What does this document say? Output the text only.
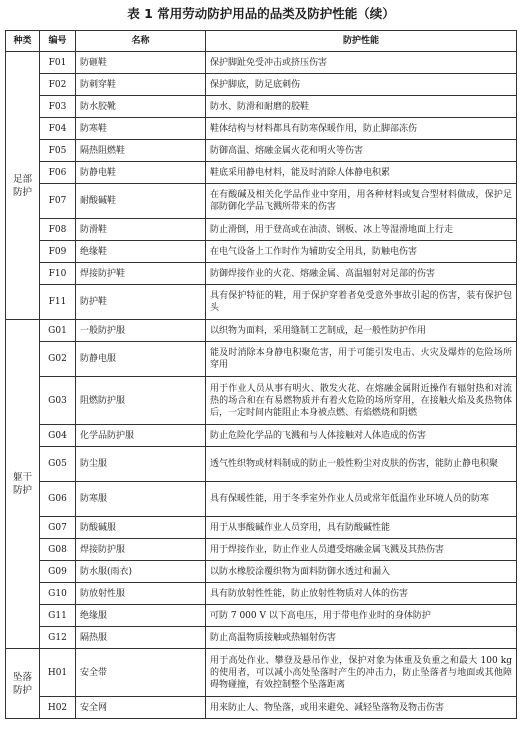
表 1 常用劳动防护用品的品类及防护性能（续）
种类	编号	名称	防护性能
足部
防护	F01	防砸鞋	保护脚趾免受冲击或挤压伤害
	F02	防刺穿鞋	保护脚底，防足底刺伤
	F03	防水胶靴	防水、防滑和耐磨的胶鞋
	F04	防寒鞋	鞋体结构与材料都具有防寒保暖作用，防止脚部冻伤
	F05	隔热阻燃鞋	防御高温、熔融金属火花和明火等伤害
	F06	防静电鞋	鞋底采用静电材料，能及时消除人体静电积累
	F07	耐酸碱鞋	在有酸碱及相关化学品作业中穿用，用各种材料或复合型材料做成，保护足部防御化学品飞溅所带来的伤害
	F08	防滑鞋	防止滑倒，用于登高或在油渍、钢板、冰上等湿滑地面上行走
	F09	绝缘鞋	在电气设备上工作时作为辅助安全用具，防触电伤害
	F10	焊接防护鞋	防御焊接作业的火花、熔融金属、高温辐射对足部的伤害
	F11	防护鞋	具有保护特征的鞋，用于保护穿着者免受意外事故引起的伤害，装有保护包头
躯干
防护	G01	一般防护服	以织物为面料，采用缝制工艺制成，起一般性防护作用
	G02	防静电服	能及时消除本身静电积聚危害，用于可能引发电击、火灾及爆炸的危险场所穿用
	G03	阻燃防护服	用于作业人员从事有明火、散发火花、在熔融金属附近操作有辐射热和对流热的场合和在有易燃物质并有着火危险的场所穿用，在接触火焰及炙热物体后，一定时间内能阻止本身被点燃、有焰燃烧和阴燃
	G04	化学品防护服	防止危险化学品的飞溅和与人体接触对人体造成的伤害
	G05	防尘服	透气性织物或材料制成的防止一般性粉尘对皮肤的伤害，能防止静电积聚
	G06	防寒服	具有保暖性能，用于冬季室外作业人员或常年低温作业环境人员的防寒
	G07	防酸碱服	用于从事酸碱作业人员穿用，具有防酸碱性能
	G08	焊接防护服	用于焊接作业，防止作业人员遭受熔融金属飞溅及其热伤害
	G09	防水服(雨衣)	以防水橡胶涂覆织物为面料防御水透过和漏入
	G10	防放射性服	具有防放射性性能，防止放射性物质对人体的伤害
	G11	绝缘服	可防 7 000 V 以下高电压，用于带电作业时的身体防护
	G12	隔热服	防止高温物质接触或热辐射伤害
坠落
防护	H01	安全带	用于高处作业、攀登及悬吊作业，保护对象为体重及负重之和最大 100 kg 的使用者，可以减小高处坠落时产生的冲击力，防止坠落者与地面或其他障碍物碰撞，有效控制整个坠落距离
	H02	安全网	用来防止人、物坠落，或用来避免、减轻坠落物及物击伤害
